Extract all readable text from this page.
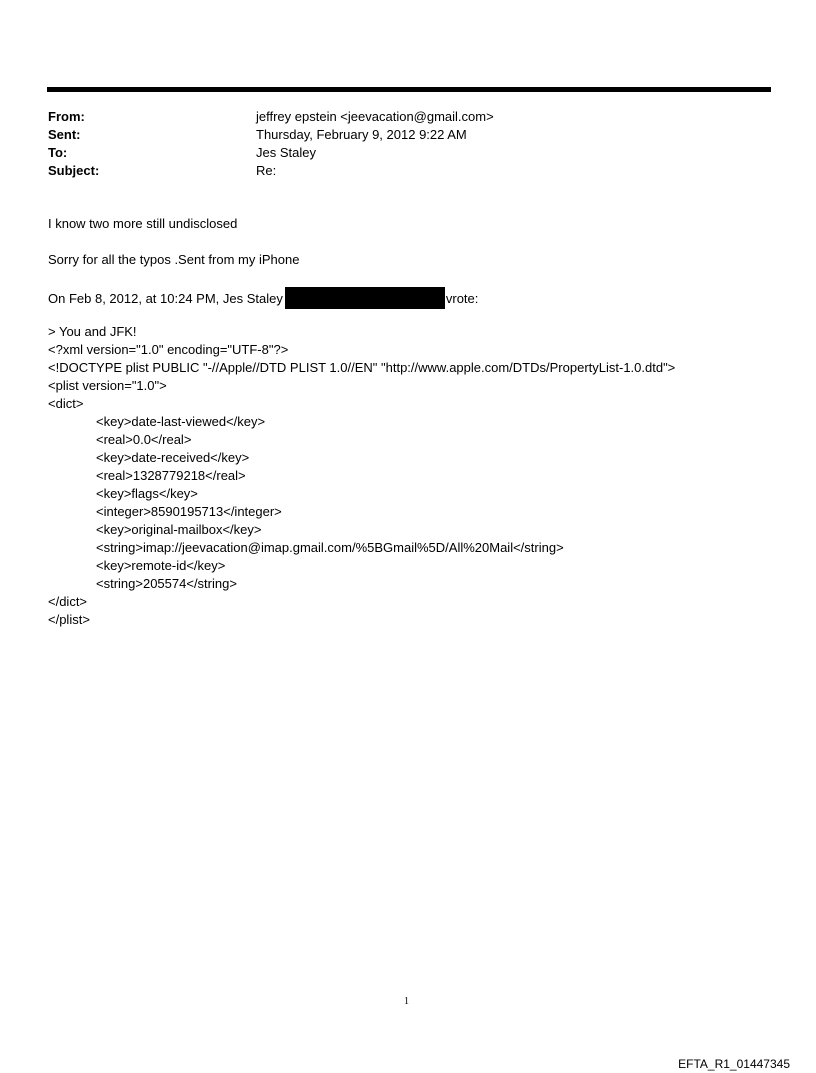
From:	jeffrey epstein <jeevacation@gmail.com>
Sent:	Thursday, February 9, 2012 9:22 AM
To:	Jes Staley
Subject:	Re:
I know two more still undisclosed
Sorry for all the typos .Sent from my iPhone
On Feb 8, 2012, at 10:24 PM, Jes Staley	vrote:
> You and JFK!
<?xml version="1.0" encoding="UTF-8"?>
<!DOCTYPE plist PUBLIC "-//Apple//DTD PLIST 1.0//EN" "http://www.apple.com/DTDs/PropertyList-1.0.dtd">
<plist version="1.0">
<dict>
<key>date-last-viewed</key>
<real>0.0</real>
<key>date-received</key>
<real>1328779218</real>
<key>flags</key>
<integer>8590195713</integer>
<key>original-mailbox</key>
<string>imap://jeevacation@imap.gmail.com/%5BGmail%5D/All%20Mail</string>
<key>remote-id</key>
<string>205574</string>
</dict>
</plist>
1
EFTA_R1_01447345
